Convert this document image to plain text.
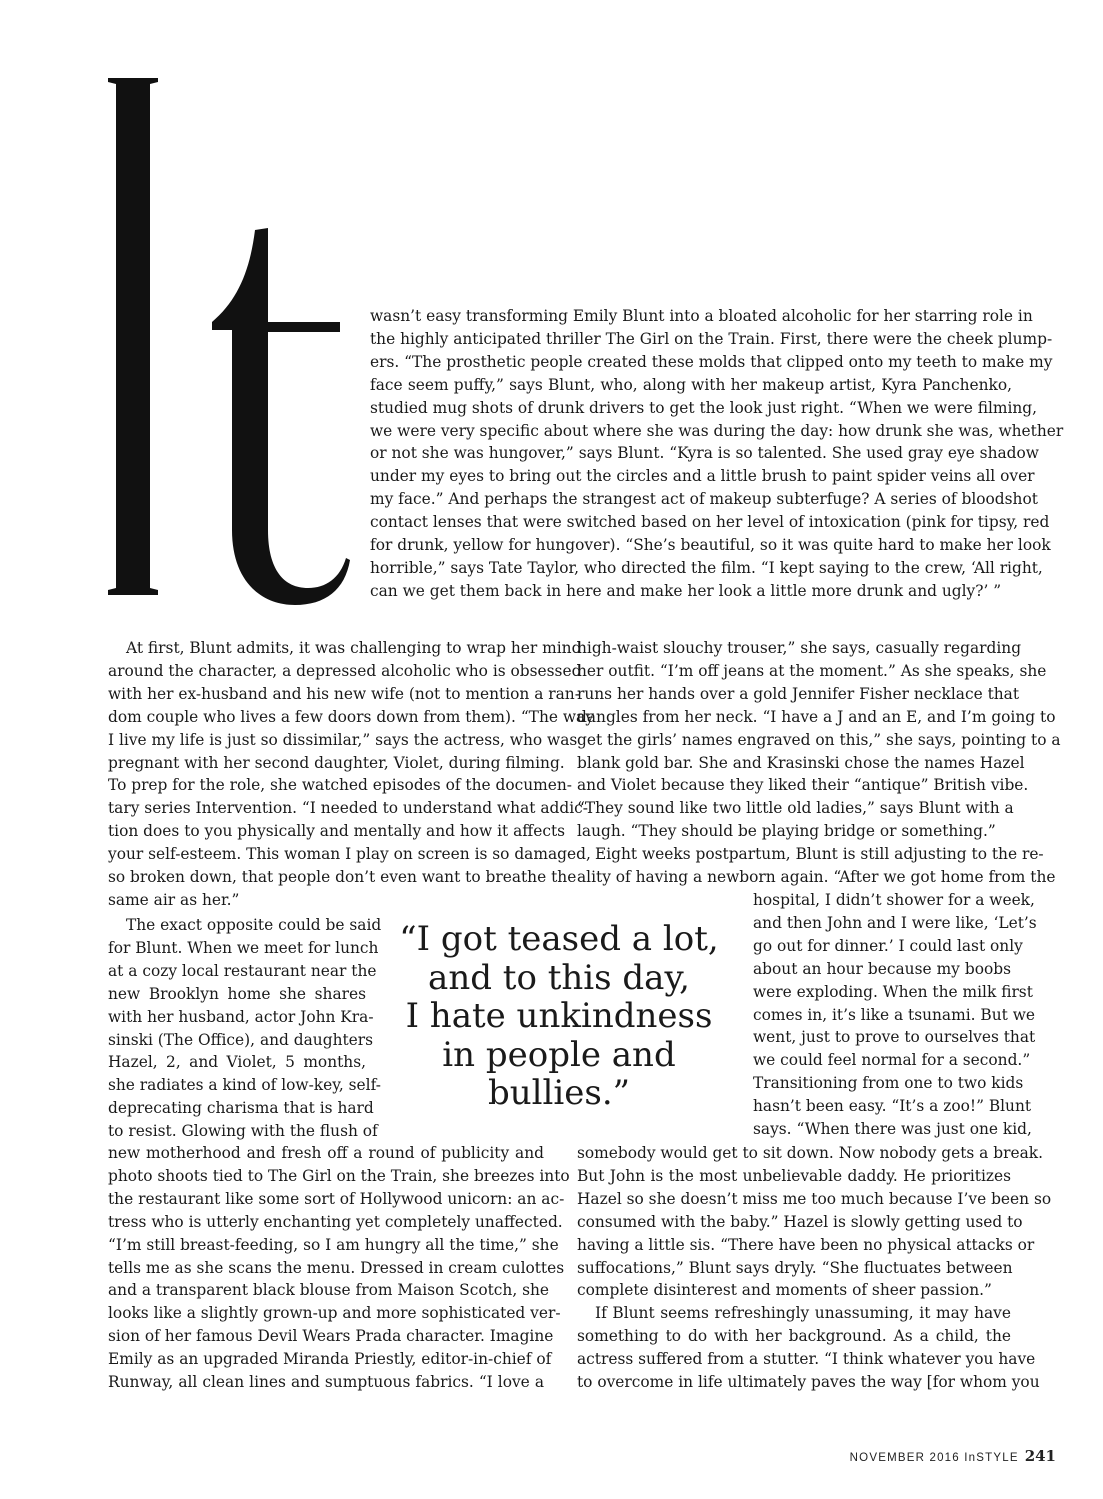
wasn’t easy transforming Emily Blunt into a bloated alcoholic for her starring role in
the highly anticipated thriller The Girl on the Train. First, there were the cheek plump-
ers. “The prosthetic people created these molds that clipped onto my teeth to make my
face seem puffy,” says Blunt, who, along with her makeup artist, Kyra Panchenko,
studied mug shots of drunk drivers to get the look just right. “When we were filming,
we were very specific about where she was during the day: how drunk she was, whether
or not she was hungover,” says Blunt. “Kyra is so talented. She used gray eye shadow
under my eyes to bring out the circles and a little brush to paint spider veins all over
my face.” And perhaps the strangest act of makeup subterfuge? A series of bloodshot
contact lenses that were switched based on her level of intoxication (pink for tipsy, red
for drunk, yellow for hungover). “She’s beautiful, so it was quite hard to make her look
horrible,” says Tate Taylor, who directed the film. “I kept saying to the crew, ‘All right,
can we get them back in here and make her look a little more drunk and ugly?’ ”
At first, Blunt admits, it was challenging to wrap her mind
around the character, a depressed alcoholic who is obsessed
with her ex-husband and his new wife (not to mention a ran-
dom couple who lives a few doors down from them). “The way
I live my life is just so dissimilar,” says the actress, who was
pregnant with her second daughter, Violet, during filming.
To prep for the role, she watched episodes of the documen-
tary series Intervention. “I needed to understand what addic-
tion does to you physically and mentally and how it affects
your self-esteem. This woman I play on screen is so damaged,
so broken down, that people don’t even want to breathe the
same air as her.”
The exact opposite could be said
for Blunt. When we meet for lunch
at a cozy local restaurant near the
new Brooklyn home she shares
with her husband, actor John Kra-
sinski (The Office), and daughters
Hazel, 2, and Violet, 5 months,
she radiates a kind of low-key, self-
deprecating charisma that is hard
to resist. Glowing with the flush of
new motherhood and fresh off a round of publicity and
photo shoots tied to The Girl on the Train, she breezes into
the restaurant like some sort of Hollywood unicorn: an ac-
tress who is utterly enchanting yet completely unaffected.
“I’m still breast-feeding, so I am hungry all the time,” she
tells me as she scans the menu. Dressed in cream culottes
and a transparent black blouse from Maison Scotch, she
looks like a slightly grown-up and more sophisticated ver-
sion of her famous Devil Wears Prada character. Imagine
Emily as an upgraded Miranda Priestly, editor-in-chief of
Runway, all clean lines and sumptuous fabrics. “I love a
high-waist slouchy trouser,” she says, casually regarding
her outfit. “I’m off jeans at the moment.” As she speaks, she
runs her hands over a gold Jennifer Fisher necklace that
dangles from her neck. “I have a J and an E, and I’m going to
get the girls’ names engraved on this,” she says, pointing to a
blank gold bar. She and Krasinski chose the names Hazel
and Violet because they liked their “antique” British vibe.
“They sound like two little old ladies,” says Blunt with a
laugh. “They should be playing bridge or something.”
Eight weeks postpartum, Blunt is still adjusting to the re-
ality of having a newborn again. “After we got home from the
hospital, I didn’t shower for a week,
and then John and I were like, ‘Let’s
go out for dinner.’ I could last only
about an hour because my boobs
were exploding. When the milk first
comes in, it’s like a tsunami. But we
went, just to prove to ourselves that
we could feel normal for a second.”
Transitioning from one to two kids
hasn’t been easy. “It’s a zoo!” Blunt
says. “When there was just one kid,
somebody would get to sit down. Now nobody gets a break.
But John is the most unbelievable daddy. He prioritizes
Hazel so she doesn’t miss me too much because I’ve been so
consumed with the baby.” Hazel is slowly getting used to
having a little sis. “There have been no physical attacks or
suffocations,” Blunt says dryly. “She fluctuates between
complete disinterest and moments of sheer passion.”
If Blunt seems refreshingly unassuming, it may have
something to do with her background. As a child, the
actress suffered from a stutter. “I think whatever you have
to overcome in life ultimately paves the way [for whom you
“I got teased a lot,
and to this day,
I hate unkindness
in people and
bullies.”
NOVEMBER 2016 InSTYLE 241
